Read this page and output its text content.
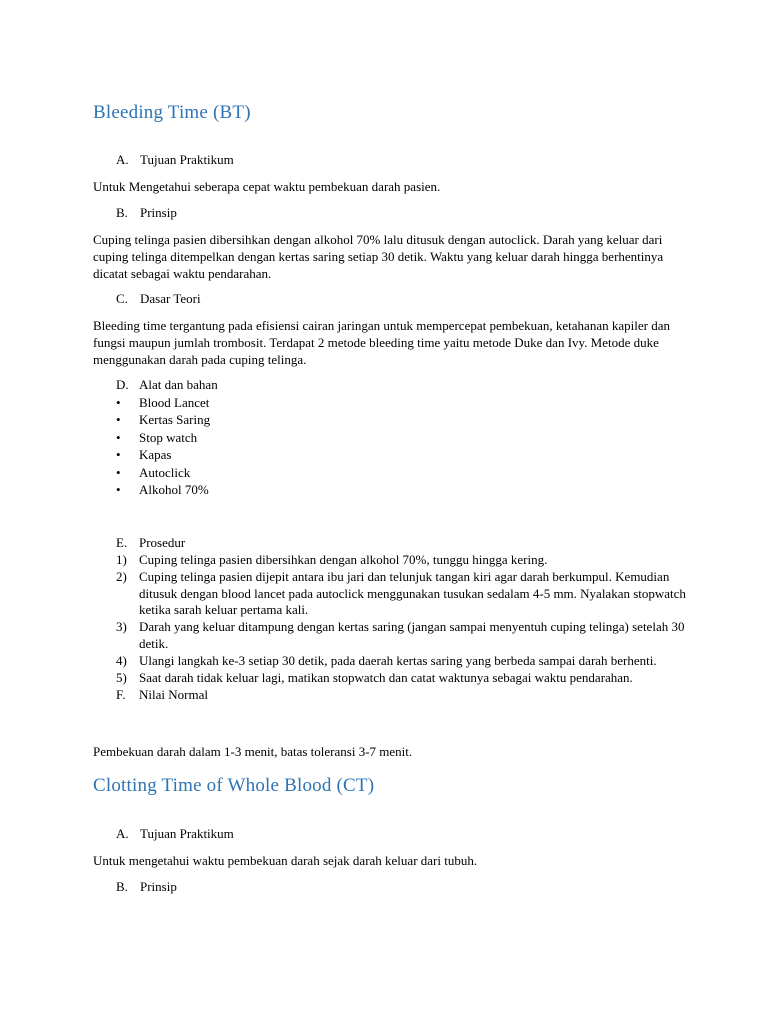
Bleeding Time (BT)
A. Tujuan Praktikum
Untuk Mengetahui seberapa cepat waktu pembekuan darah pasien.
B. Prinsip
Cuping telinga pasien dibersihkan dengan alkohol 70% lalu ditusuk dengan autoclick. Darah yang keluar dari cuping telinga ditempelkan dengan kertas saring setiap 30 detik. Waktu yang keluar darah hingga berhentinya dicatat sebagai waktu pendarahan.
C. Dasar Teori
Bleeding time tergantung pada efisiensi cairan jaringan untuk mempercepat pembekuan, ketahanan kapiler dan fungsi maupun jumlah trombosit. Terdapat 2 metode bleeding time yaitu metode Duke dan Ivy. Metode duke menggunakan darah pada cuping telinga.
D. Alat dan bahan
•	Blood Lancet
•	Kertas Saring
•	Stop watch
•	Kapas
•	Autoclick
•	Alkohol 70%
E. Prosedur
1) Cuping telinga pasien dibersihkan dengan alkohol 70%, tunggu hingga kering.
2) Cuping telinga pasien dijepit antara ibu jari dan telunjuk tangan kiri agar darah berkumpul. Kemudian ditusuk dengan blood lancet pada autoclick menggunakan tusukan sedalam 4-5 mm. Nyalakan stopwatch ketika sarah keluar pertama kali.
3) Darah yang keluar ditampung dengan kertas saring (jangan sampai menyentuh cuping telinga) setelah 30 detik.
4) Ulangi langkah ke-3 setiap 30 detik, pada daerah kertas saring yang berbeda sampai darah berhenti.
5) Saat darah tidak keluar lagi, matikan stopwatch dan catat waktunya sebagai waktu pendarahan.
F.	Nilai Normal
Pembekuan darah dalam 1-3 menit, batas toleransi 3-7 menit.
Clotting Time of Whole Blood (CT)
A. Tujuan Praktikum
Untuk mengetahui waktu pembekuan darah sejak darah keluar dari tubuh.
B. Prinsip
